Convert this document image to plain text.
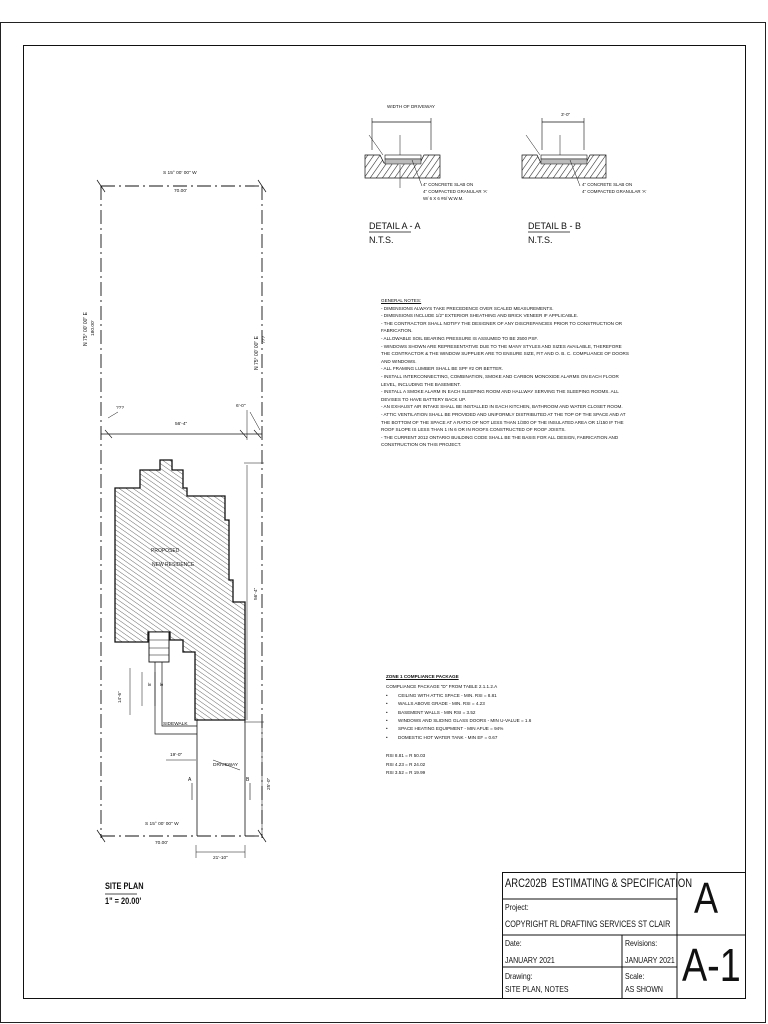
WIDTH OF DRIVEWAY
4" CONCRETE SLAB ON
4" COMPACTED GRANULAR 'A'
W/ 6 X 6 #6/ W.W.M.
DETAIL A - A
N.T.S.
3'-0"
4" CONCRETE SLAB ON
4" COMPACTED GRANULAR 'A'
DETAIL B - B
N.T.S.
S 15° 00' 00" W
70.00'
N 75° 00' 00" E 180.00'
N 75° 00' 00" E ???
???	6'-0"
56'-4"
56'-4"
PROPOSED
NEW RESIDENCE
14'-6"
8' 8'
SIDEWALK
19'-0"
DRIVEWAY
25'-0"
A	B
S 15° 00' 00" W
70.00'
21'-10"
SITE PLAN
1" = 20.00'
GENERAL NOTES:
- DIMENSIONS ALWAYS TAKE PRECEDENCE OVER SCALED MEASUREMENTS.
- DIMENSIONS INCLUDE 1/2" EXTERIOR SHEATHING AND BRICK VENEER IF APPLICABLE.
- THE CONTRACTOR SHALL NOTIFY THE DESIGNER OF ANY DISCREPANCIES PRIOR TO CONSTRUCTION OR FABRICATION.
- ALLOWABLE SOIL BEARING PRESSURE IS ASSUMED TO BE 2500 PSF.
- WINDOWS SHOWN ARE REPRESENTATIVE DUE TO THE MANY STYLES AND SIZES AVAILABLE, THEREFORE THE CONTRACTOR & THE WINDOW SUPPLIER ARE TO ENSURE SIZE, FIT AND O. B. C. COMPLIANCE OF DOORS AND WINDOWS.
- ALL FRAMING LUMBER SHALL BE SPF #2 OR BETTER.
- INSTALL INTERCONNECTING, COMBINATION, SMOKE AND CARBON MONOXIDE ALARMS ON EACH FLOOR LEVEL, INCLUDING THE BASEMENT.
- INSTALL A SMOKE ALARM IN EACH SLEEPING ROOM AND HALLWAY SERVING THE SLEEPING ROOMS. ALL DEVISES TO HAVE BATTERY BACK UP.
- AN EXHAUST AIR INTAKE SHALL BE INSTALLED IN EACH KITCHEN, BATHROOM AND WATER CLOSET ROOM.
- ATTIC VENTILATION SHALL BE PROVIDED AND UNIFORMLY DISTRIBUTED AT THE TOP OF THE SPACE AND AT THE BOTTOM OF THE SPACE AT A RATIO OF NOT LESS THAN 1/300 OF THE INSULATED AREA OR 1/150 IF THE ROOF SLOPE IS LESS THAN 1 IN 6 OR IN ROOFS CONSTRUCTED OF ROOF JOISTS.
- THE CURRENT 2012 ONTARIO BUILDING CODE SHALL BE THE BASIS FOR ALL DESIGN, FABRICATION AND CONSTRUCTION ON THIS PROJECT.
ZONE 1 COMPLIANCE PACKAGE
COMPLIANCE PACKAGE "D" FROM TABLE 2.1.1.2.A
• CEILING WITH ATTIC SPACE - MIN. RSI = 8.81
• WALLS ABOVE GRADE - MIN. RSI = 4.23
• BASEMENT WALLS - MIN RSI = 3.52
• WINDOWS AND SLIDING GLASS DOORS - MIN U-VALUE = 1.6
• SPACE HEATING EQUIPMENT - MIN AFUE = 94%
• DOMESTIC HOT WATER TANK - MIN EF = 0.67
RSI 8.81 = R 50.03
RSI 4.23 = R 24.02
RSI 3.52 = R 19.99
ARC202B ESTIMATING & SPECIFICATION
Project:
COPYRIGHT RL DRAFTING SERVICES ST CLAIR
Date:
JANUARY 2021
Revisions:
JANUARY 2021
Drawing:
SITE PLAN, NOTES
Scale:
AS SHOWN
A
A-1
